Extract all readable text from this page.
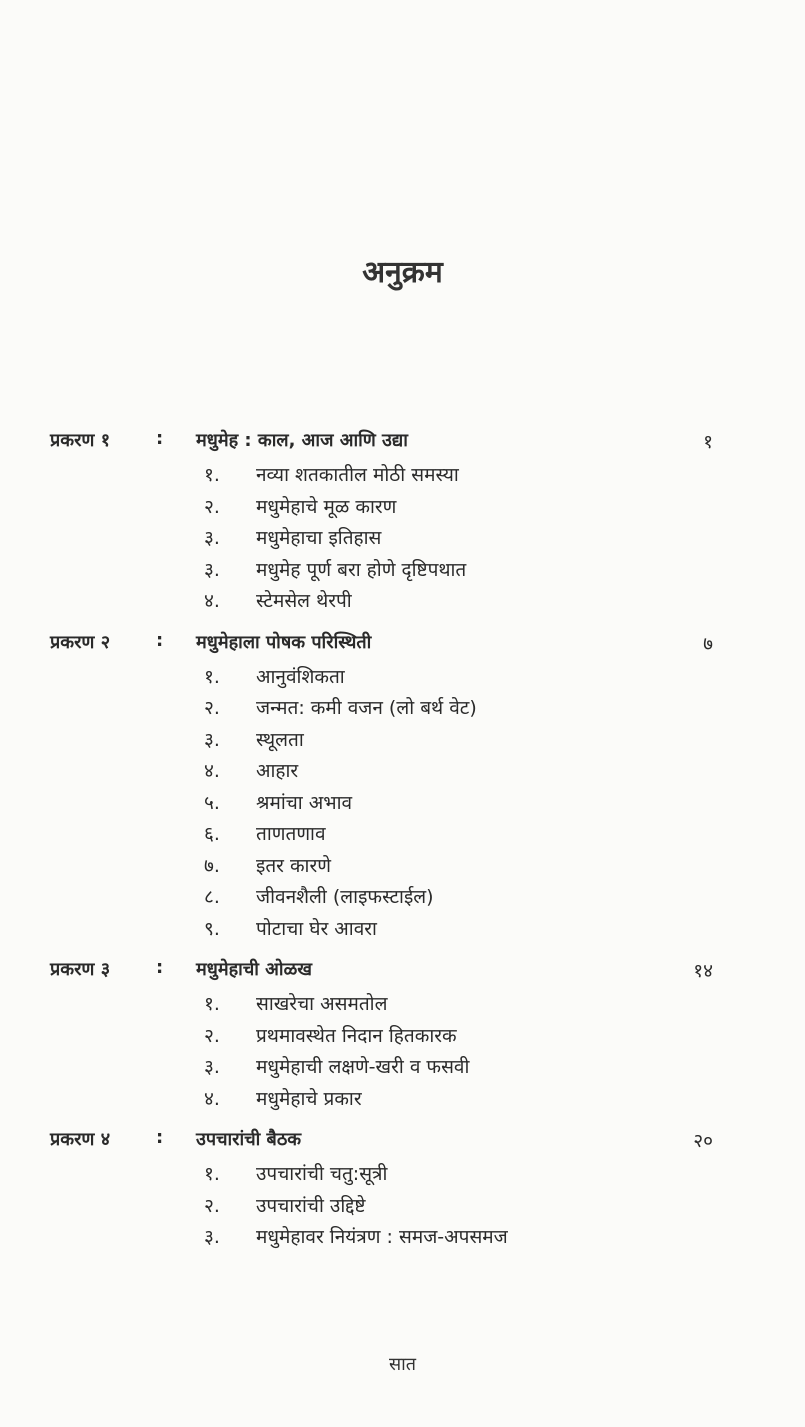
अनुक्रम
प्रकरण १	: मधुमेह : काल, आज आणि उद्या	१
१. नव्या शतकातील मोठी समस्या
२. मधुमेहाचे मूळ कारण
३. मधुमेहाचा इतिहास
३. मधुमेह पूर्ण बरा होणे दृष्टिपथात
४. स्टेमसेल थेरपी
प्रकरण २	: मधुमेहाला पोषक परिस्थिती	७
१. आनुवंशिकता
२. जन्मत: कमी वजन (लो बर्थ वेट)
३. स्थूलता
४. आहार
५. श्रमांचा अभाव
६. ताणतणाव
७. इतर कारणे
८. जीवनशैली (लाइफस्टाईल)
९. पोटाचा घेर आवरा
प्रकरण ३	: मधुमेहाची ओळख	१४
१. साखरेचा असमतोल
२. प्रथमावस्थेत निदान हितकारक
३. मधुमेहाची लक्षणे-खरी व फसवी
४. मधुमेहाचे प्रकार
प्रकरण ४	: उपचारांची बैठक	२०
१. उपचारांची चतु:सूत्री
२. उपचारांची उद्दिष्टे
३. मधुमेहावर नियंत्रण : समज-अपसमज
सात
